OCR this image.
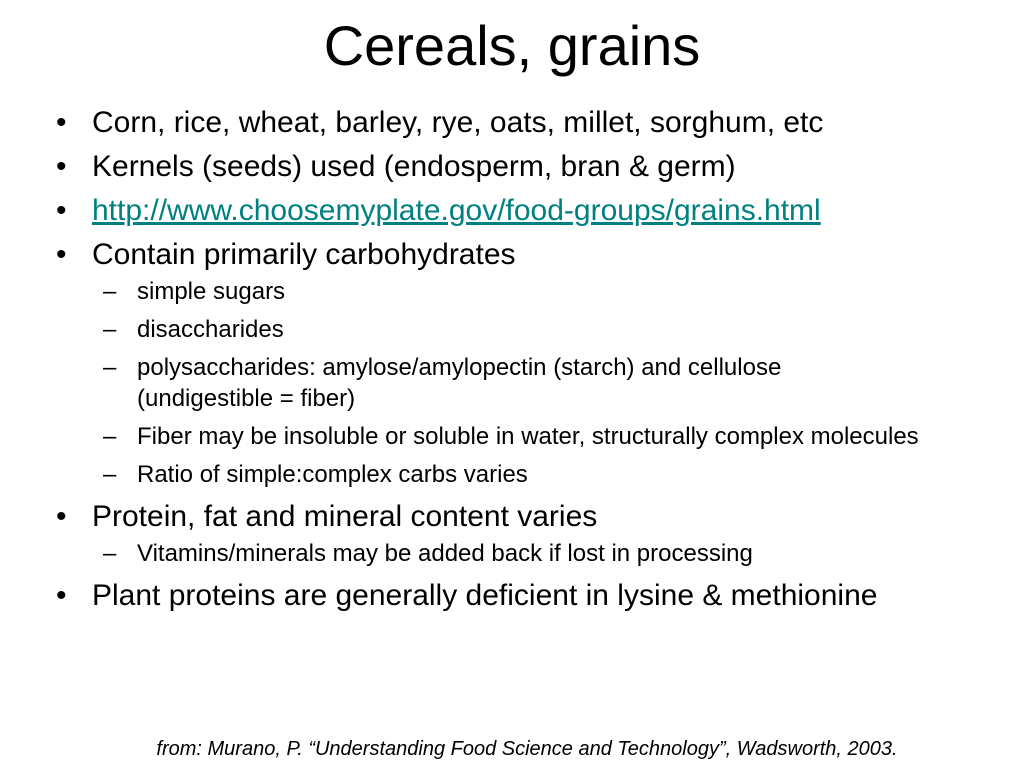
Cereals, grains
• Corn, rice, wheat, barley, rye, oats, millet, sorghum, etc
• Kernels (seeds) used (endosperm, bran & germ)
• http://www.choosemyplate.gov/food-groups/grains.html
• Contain primarily carbohydrates
– simple sugars
– disaccharides
– polysaccharides: amylose/amylopectin (starch) and cellulose (undigestible = fiber)
– Fiber may be insoluble or soluble in water, structurally complex molecules
– Ratio of simple:complex carbs varies
• Protein, fat and mineral content varies
– Vitamins/minerals may be added back if lost in processing
• Plant proteins are generally deficient in lysine & methionine
from: Murano, P. “Understanding Food Science and Technology”, Wadsworth, 2003.
